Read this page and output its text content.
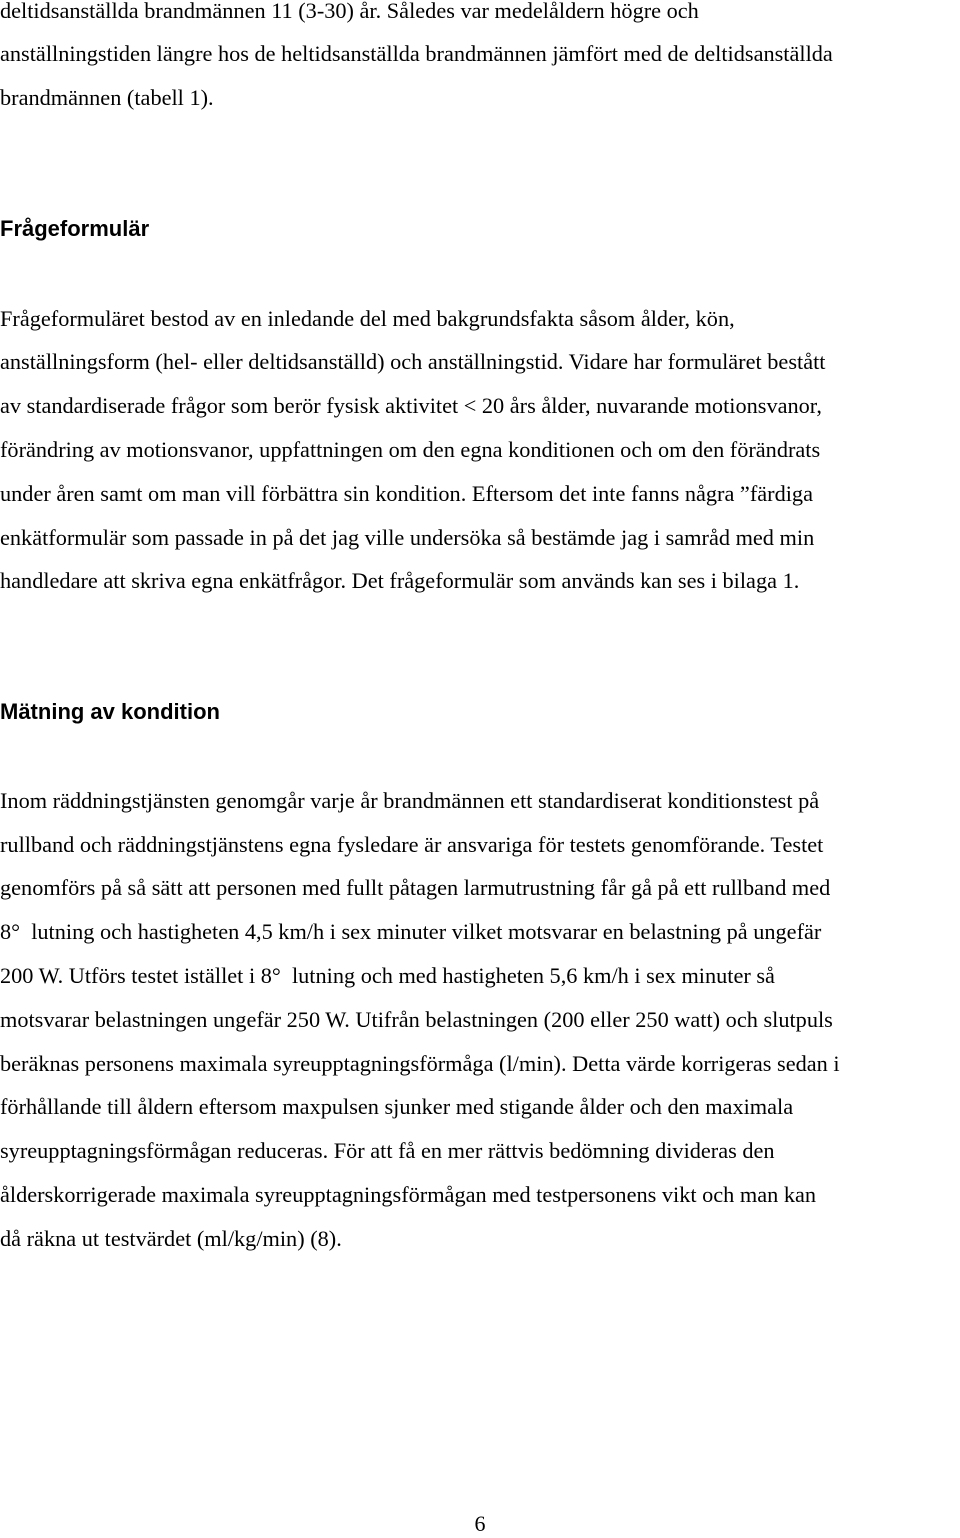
deltidsanställda brandmännen 11 (3-30) år. Således var medelåldern högre och
anställningstiden längre hos de heltidsanställda brandmännen jämfört med de deltidsanställda
brandmännen (tabell 1).
Frågeformulär
Frågeformuläret bestod av en inledande del med bakgrundsfakta såsom ålder, kön,
anställningsform (hel- eller deltidsanställd) och anställningstid. Vidare har formuläret bestått
av standardiserade frågor som berör fysisk aktivitet < 20 års ålder, nuvarande motionsvanor,
förändring av motionsvanor, uppfattningen om den egna konditionen och om den förändrats
under åren samt om man vill förbättra sin kondition. Eftersom det inte fanns några ”färdiga
enkätformulär som passade in på det jag ville undersöka så bestämde jag i samråd med min
handledare att skriva egna enkätfrågor. Det frågeformulär som används kan ses i bilaga 1.
Mätning av kondition
Inom räddningstjänsten genomgår varje år brandmännen ett standardiserat konditionstest på
rullband och räddningstjänstens egna fysledare är ansvariga för testets genomförande. Testet
genomförs på så sätt att personen med fullt påtagen larmutrustning får gå på ett rullband med
8°  lutning och hastigheten 4,5 km/h i sex minuter vilket motsvarar en belastning på ungefär
200 W. Utförs testet istället i 8°  lutning och med hastigheten 5,6 km/h i sex minuter så
motsvarar belastningen ungefär 250 W. Utifrån belastningen (200 eller 250 watt) och slutpuls
beräknas personens maximala syreupptagningsförmåga (l/min). Detta värde korrigeras sedan i
förhållande till åldern eftersom maxpulsen sjunker med stigande ålder och den maximala
syreupptagningsförmågan reduceras. För att få en mer rättvis bedömning divideras den
ålderskorrigerade maximala syreupptagningsförmågan med testpersonens vikt och man kan
då räkna ut testvärdet (ml/kg/min) (8).
6
